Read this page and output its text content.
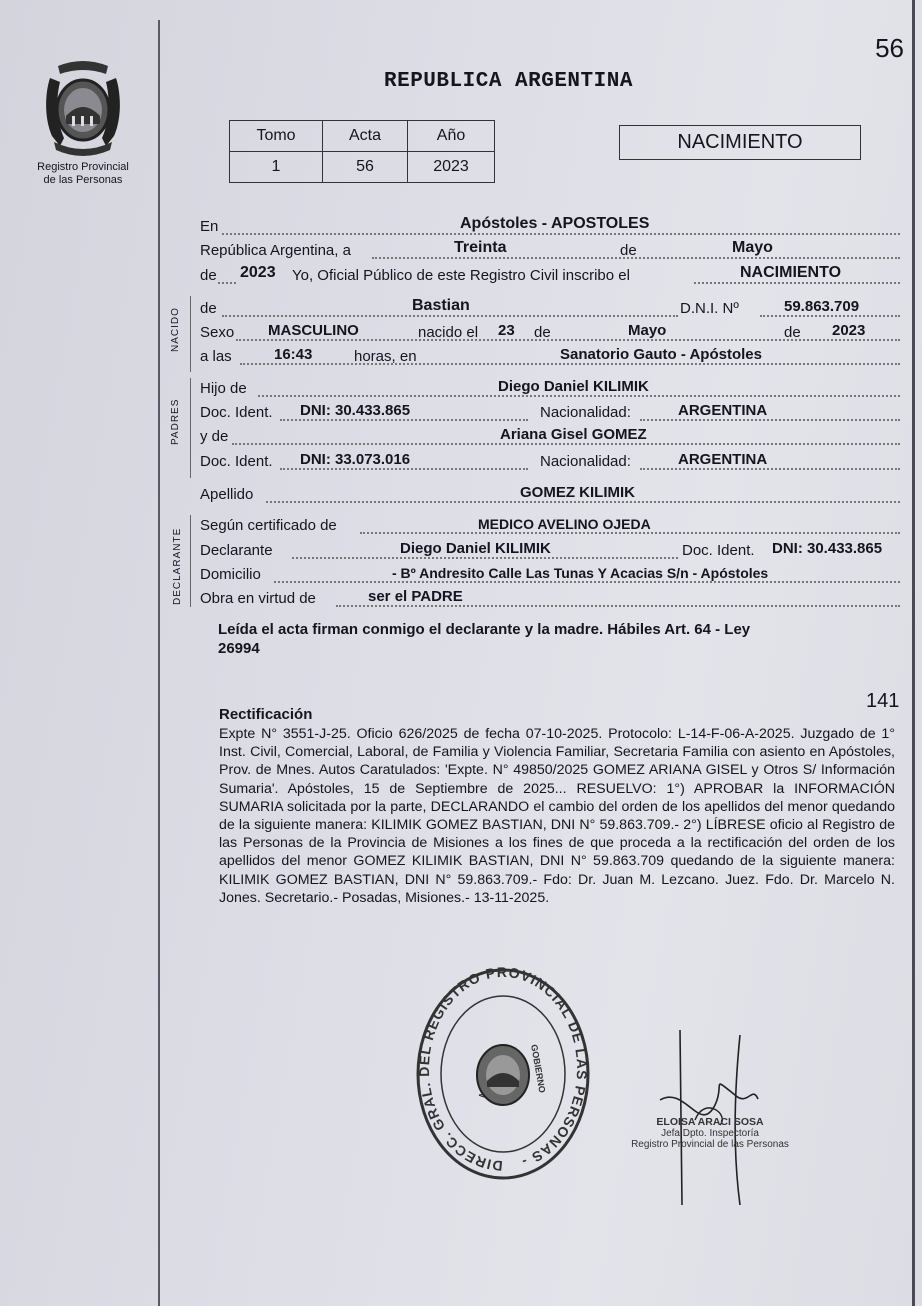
56
Registro Provincial
de las Personas
REPUBLICA ARGENTINA
Tomo	Acta	Año
1	56	2023
NACIMIENTO
En	Apóstoles - APOSTOLES
República Argentina, a	Treinta	de	Mayo
de 2023 Yo, Oficial Público de este Registro Civil inscribo el	NACIMIENTO
NACIDO de	Bastian	D.N.I. Nº	59.863.709
Sexo MASCULINO	nacido el 23 de	Mayo	de 2023
a las	16:43	horas, en	Sanatorio Gauto - Apóstoles
PADRES
Hijo de	Diego Daniel KILIMIK
Doc. Ident. DNI: 30.433.865	Nacionalidad:	ARGENTINA
y de	Ariana Gisel GOMEZ
Doc. Ident. DNI: 33.073.016	Nacionalidad:	ARGENTINA
Apellido	GOMEZ KILIMIK
DECLARANTE
Según certificado de	MEDICO AVELINO OJEDA
Declarante	Diego Daniel KILIMIK	Doc. Ident. DNI: 30.433.865
Domicilio	- Bº Andresito Calle Las Tunas Y Acacias S/n - Apóstoles
Obra en virtud de	ser el PADRE
Leída el acta firman conmigo el declarante y la madre. Hábiles Art. 64 - Ley
26994
141
Rectificación
Expte N° 3551-J-25. Oficio 626/2025 de fecha 07-10-2025. Protocolo: L-14-F-06-A-2025. Juzgado de 1° Inst. Civil, Comercial, Laboral, de Familia y Violencia Familiar, Secretaria Familia con asiento en Apóstoles, Prov. de Mnes. Autos Caratulados: 'Expte. N° 49850/2025 GOMEZ ARIANA GISEL y Otros S/ Información Sumaria'. Apóstoles, 15 de Septiembre de 2025... RESUELVO: 1°) APROBAR la INFORMACIÓN SUMARIA solicitada por la parte, DECLARANDO el cambio del orden de los apellidos del menor quedando de la siguiente manera: KILIMIK GOMEZ BASTIAN, DNI N° 59.863.709.- 2°) LÍBRESE oficio al Registro de las Personas de la Provincia de Misiones a los fines de que proceda a la rectificación del orden de los apellidos del menor GOMEZ KILIMIK BASTIAN, DNI N° 59.863.709 quedando de la siguiente manera: KILIMIK GOMEZ BASTIAN, DNI N° 59.863.709.- Fdo: Dr. Juan M. Lezcano. Juez. Fdo. Dr. Marcelo N. Jones. Secretario.- Posadas, Misiones.- 13-11-2025.
DIRECC. GRAL. DEL REGISTRO PROVINCIAL DE LAS PERSONAS -
GOBIERNO
ELOISA ARACI SOSA
Jefa Dpto. Inspectoría
Registro Provincial de las Personas
